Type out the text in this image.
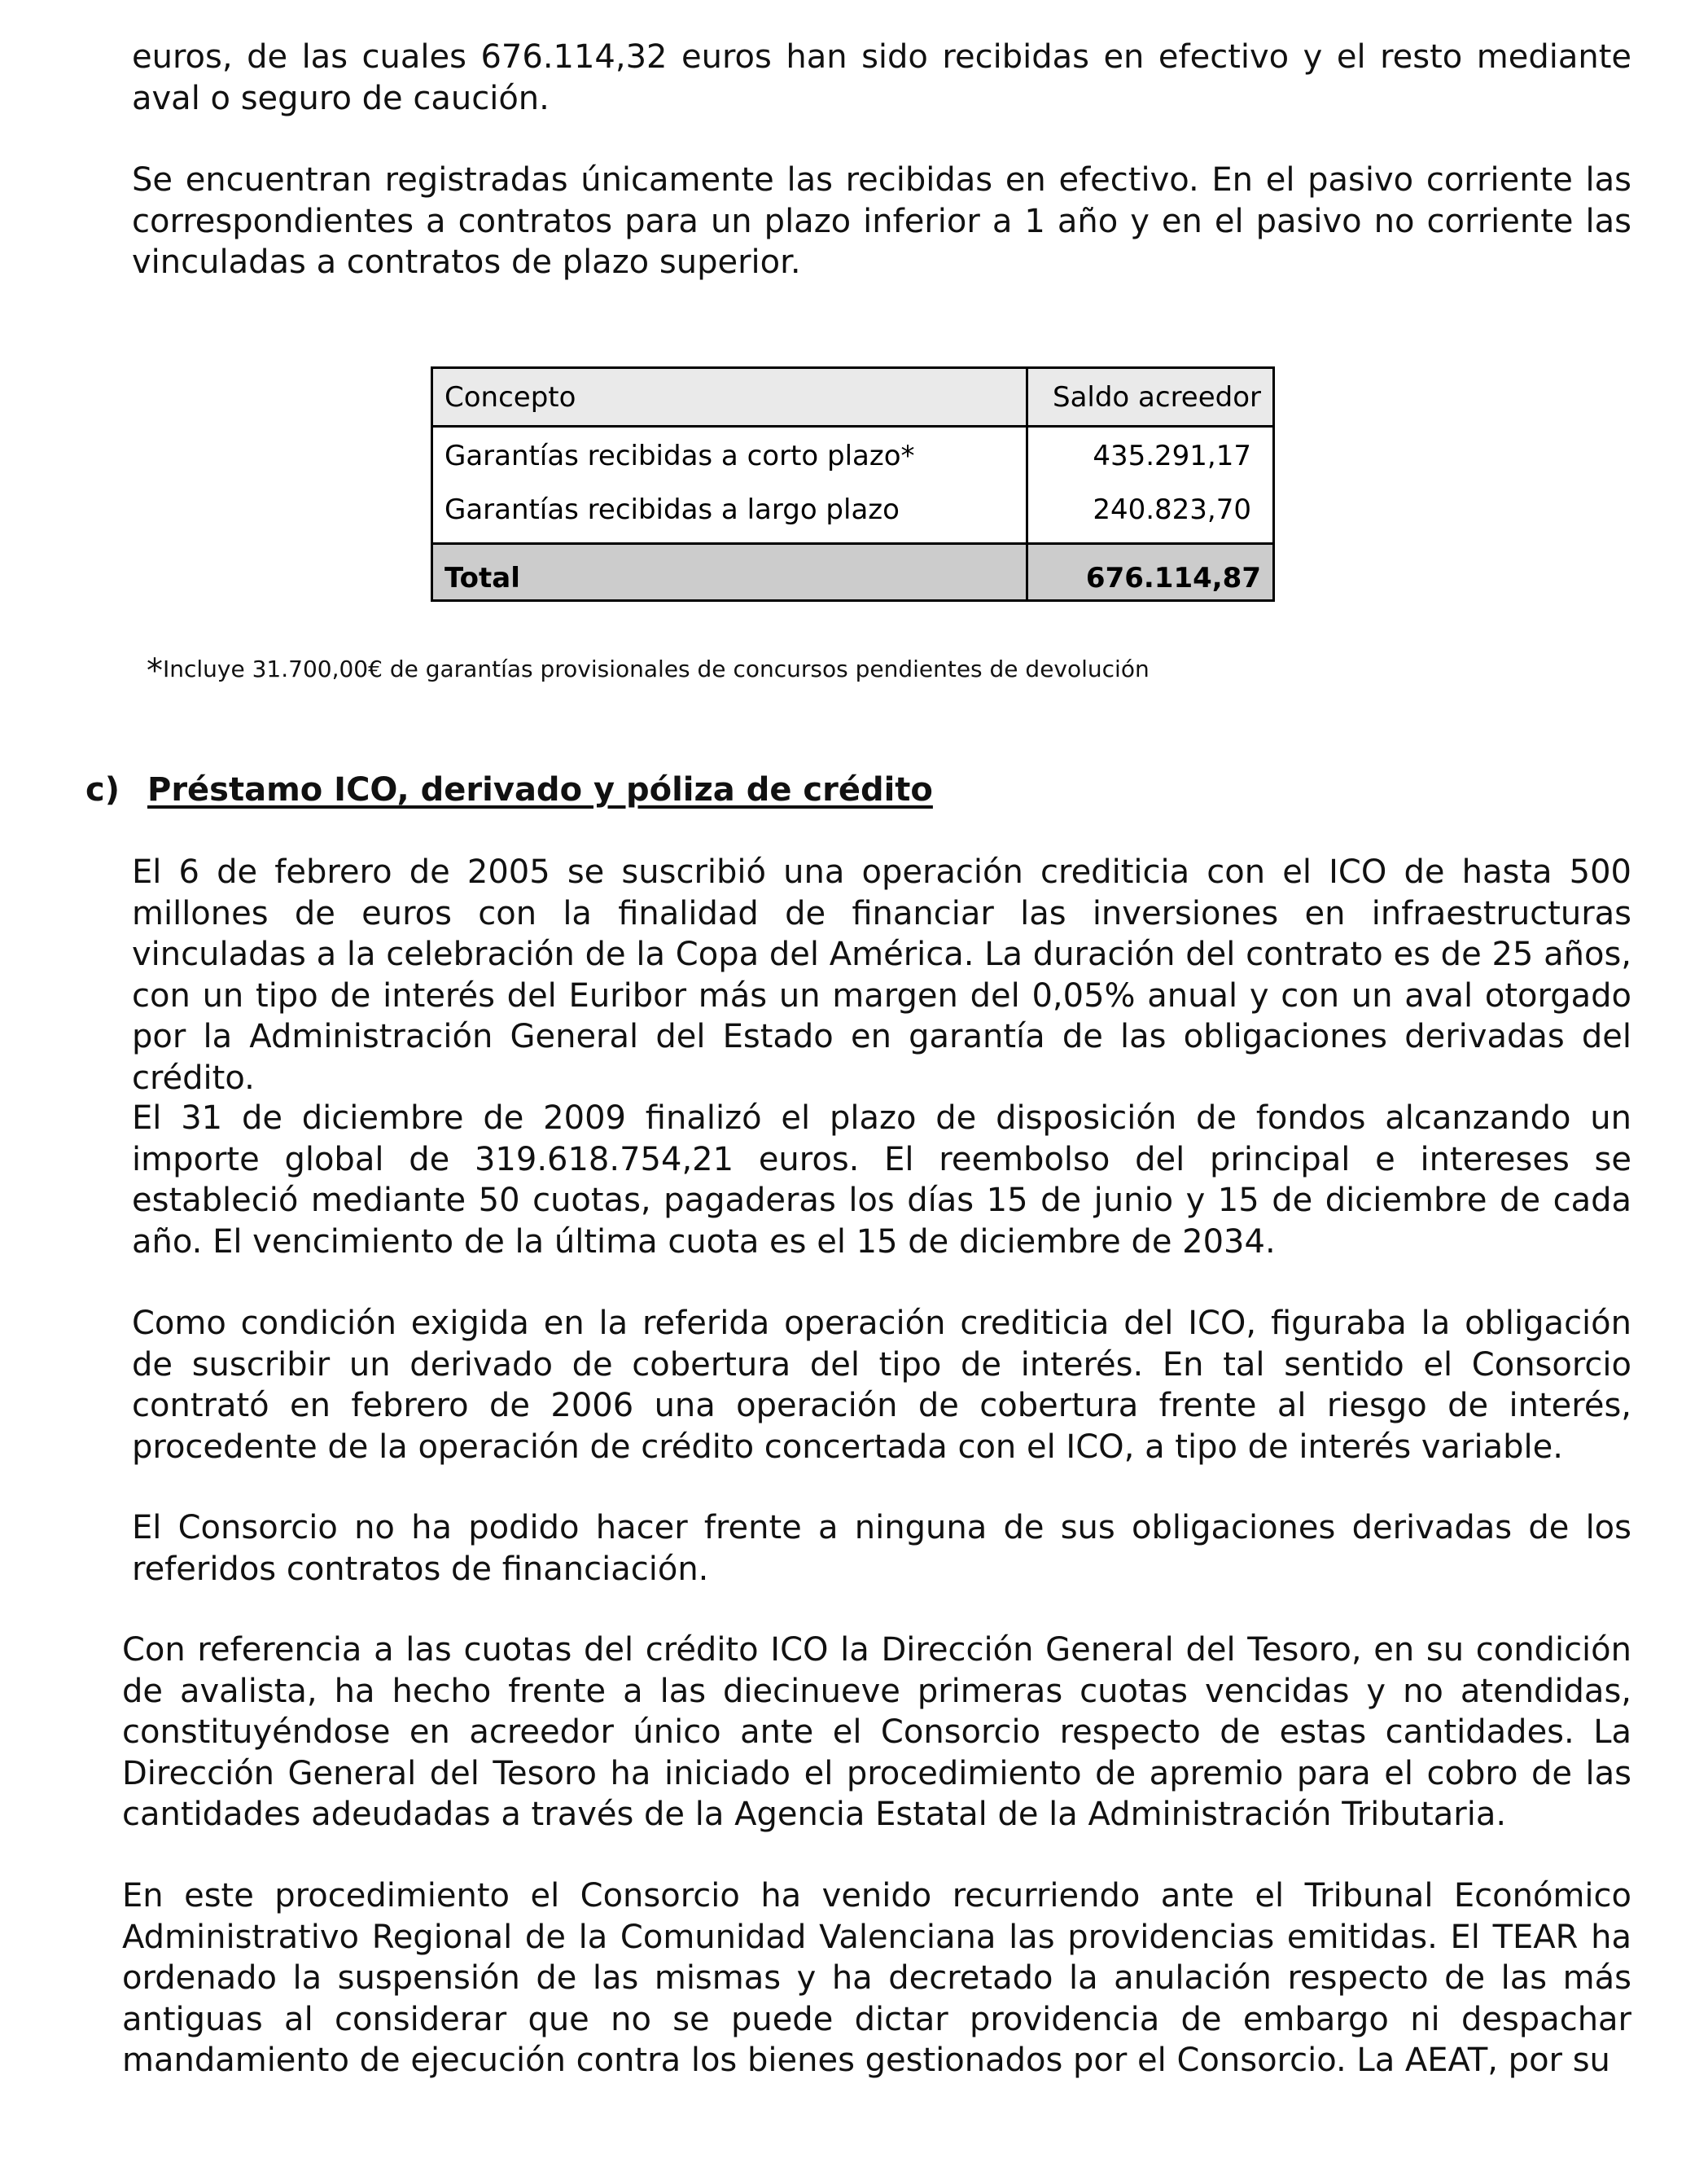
euros, de las cuales 676.114,32 euros han sido recibidas en efectivo y el resto mediante aval o seguro de caución.

Se encuentran registradas únicamente las recibidas en efectivo. En el pasivo corriente las correspondientes a contratos para un plazo inferior a 1 año y en el pasivo no corriente las vinculadas a contratos de plazo superior.

Concepto	Saldo acreedor
Garantías recibidas a corto plazo*	435.291,17
Garantías recibidas a largo plazo	240.823,70
Total	676.114,87

*Incluye 31.700,00€ de garantías provisionales de concursos pendientes de devolución

c) Préstamo ICO, derivado y póliza de crédito

El 6 de febrero de 2005 se suscribió una operación crediticia con el ICO de hasta 500 millones de euros con la finalidad de financiar las inversiones en infraestructuras vinculadas a la celebración de la Copa del América. La duración del contrato es de 25 años, con un tipo de interés del Euribor más un margen del 0,05% anual y con un aval otorgado por la Administración General del Estado en garantía de las obligaciones derivadas del crédito.

El 31 de diciembre de 2009 finalizó el plazo de disposición de fondos alcanzando un importe global de 319.618.754,21 euros. El reembolso del principal e intereses se estableció mediante 50 cuotas, pagaderas los días 15 de junio y 15 de diciembre de cada año. El vencimiento de la última cuota es el 15 de diciembre de 2034.

Como condición exigida en la referida operación crediticia del ICO, figuraba la obligación de suscribir un derivado de cobertura del tipo de interés. En tal sentido el Consorcio contrató en febrero de 2006 una operación de cobertura frente al riesgo de interés, procedente de la operación de crédito concertada con el ICO, a tipo de interés variable.

El Consorcio no ha podido hacer frente a ninguna de sus obligaciones derivadas de los referidos contratos de financiación.

Con referencia a las cuotas del crédito ICO la Dirección General del Tesoro, en su condición de avalista, ha hecho frente a las diecinueve primeras cuotas vencidas y no atendidas, constituyéndose en acreedor único ante el Consorcio respecto de estas cantidades. La Dirección General del Tesoro ha iniciado el procedimiento de apremio para el cobro de las cantidades adeudadas a través de la Agencia Estatal de la Administración Tributaria.

En este procedimiento el Consorcio ha venido recurriendo ante el Tribunal Económico Administrativo Regional de la Comunidad Valenciana las providencias emitidas. El TEAR ha ordenado la suspensión de las mismas y ha decretado la anulación respecto de las más antiguas al considerar que no se puede dictar providencia de embargo ni despachar mandamiento de ejecución contra los bienes gestionados por el Consorcio. La AEAT, por su
